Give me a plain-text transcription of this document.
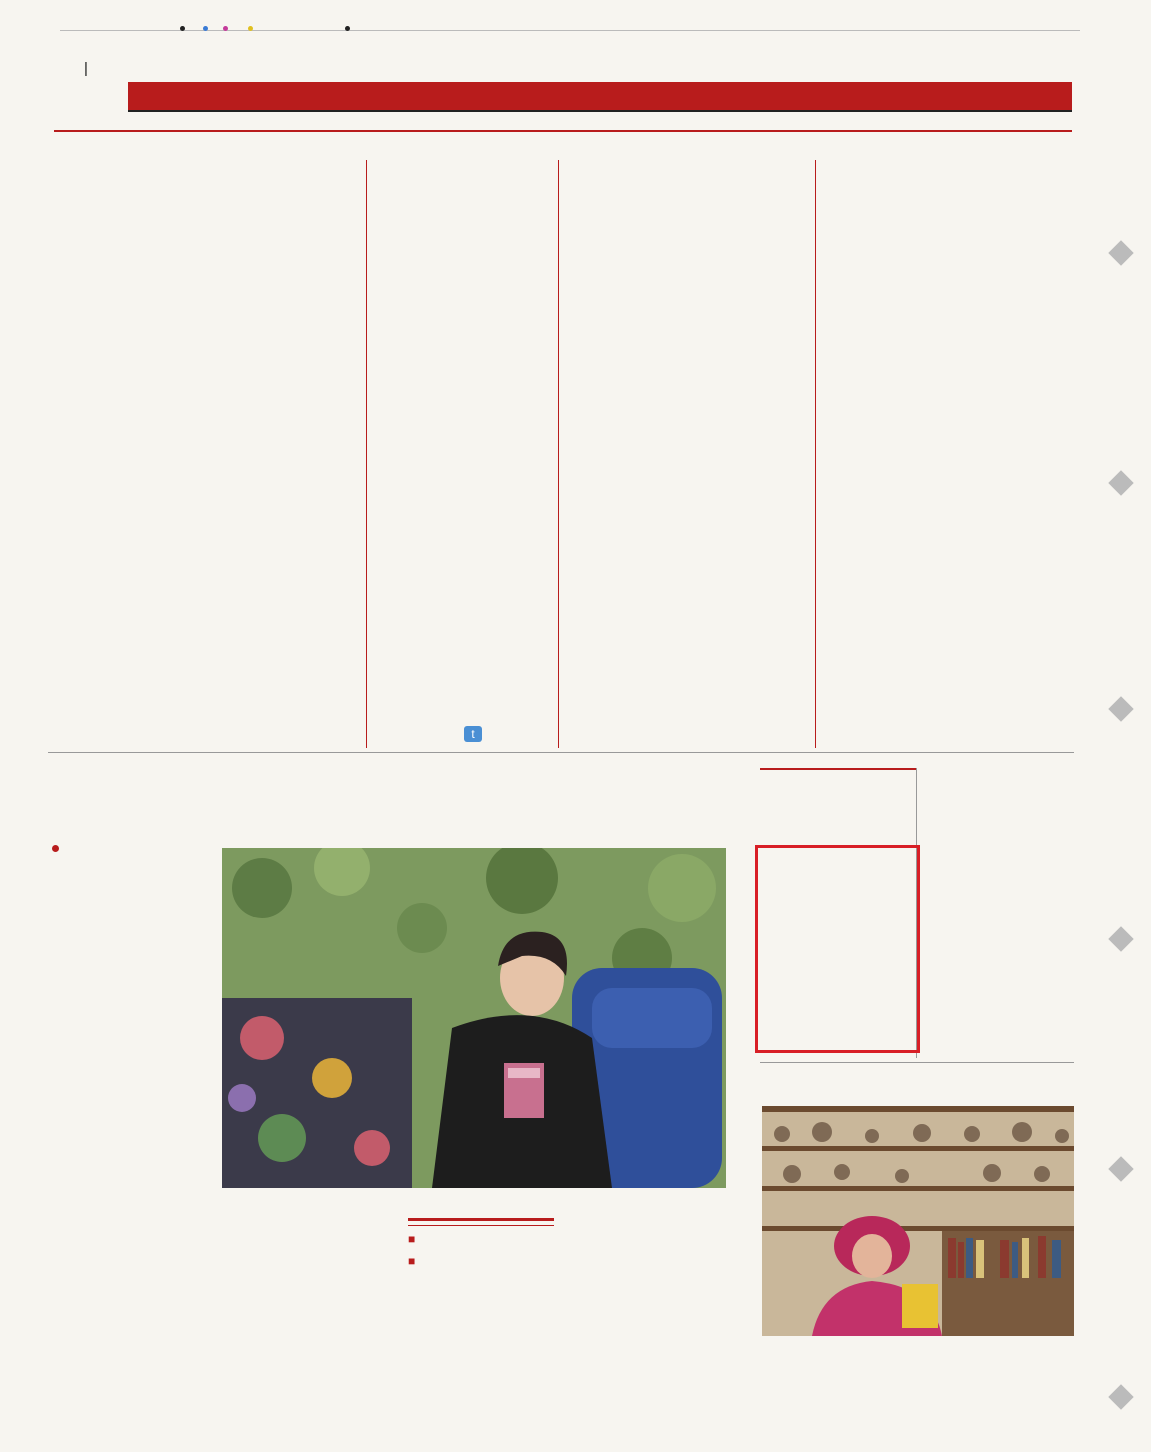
|

t

■
■
